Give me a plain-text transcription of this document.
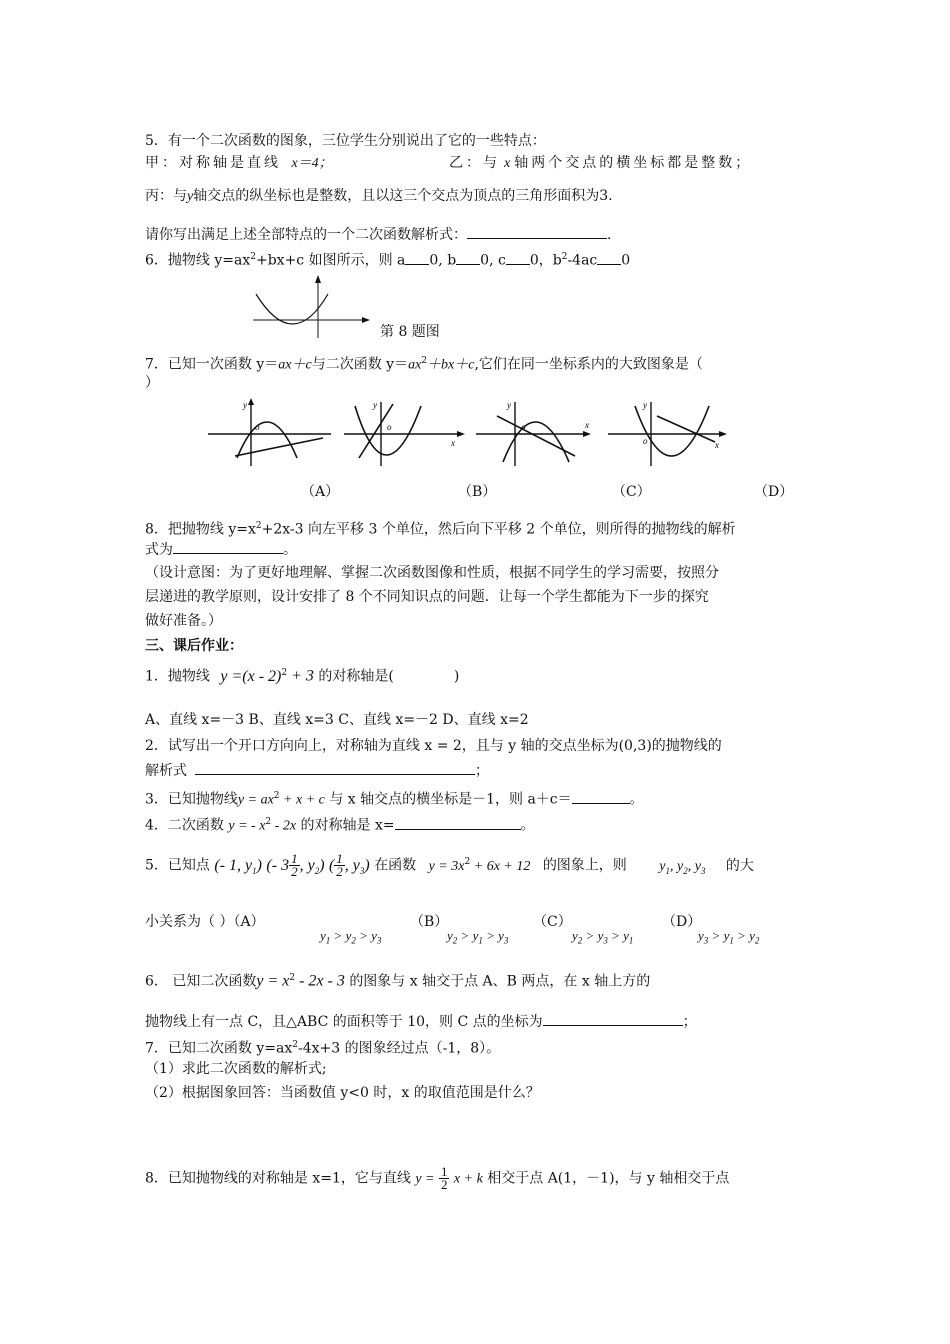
5．有一个二次函数的图象，三位学生分别说出了它的一些特点：
甲：对称轴是直线 x＝4；	乙：与 x 轴两个交点的横坐标都是整数；
丙：与y轴交点的纵坐标也是整数，且以这三个交点为顶点的三角形面积为3.
请你写出满足上述全部特点的一个二次函数解析式：	.
6．抛物线 $y=ax^2+bx+c$ 如图所示，则 a 0, b 0, c 0，$b^2-4ac$ 0
第 8 题图
7．已知一次函数 y＝ax＋c与二次函数 $y=ax^2+bx+c$,它们在同一坐标系内的大致图象是（
）
y
o
x
y
o	x
y
o
x
y
o
（A）	（B）	（C）	（D）
8．把抛物线 $y=x^2+2x-3$ 向左平移 3 个单位，然后向下平移 2 个单位，则所得的抛物线的解析
式为	。
（设计意图：为了更好地理解、掌握二次函数图像和性质，根据不同学生的学习需要，按照分
层递进的教学原则，设计安排了 8 个不同知识点的问题．让每一个学生都能为下一步的探究
做好准备。）
三、课后作业：
1．抛物线 y =(x - 2)$^2$ + 3 的对称轴是(	)
A、直线 x=－3 B、直线 x=3 C、直线 x=－2 D、直线 x=2
2．试写出一个开口方向向上，对称轴为直线 x = 2，且与 y 轴的交点坐标为(0,3)的抛物线的
解析式	；
3．已知抛物线$y = ax^2 + x + c$ 与 x 轴交点的横坐标是－1，则 a＋c＝	。
4．二次函数 y = - $x^2 - 2x$ 的对称轴是 x=	。
5．已知点 (- 1, $y_1$) (- $3 \frac{1}{2}$ , $y_2$) ( $\frac{1}{2}$ , $y_3$) 在函数 $y = 3x^2 + 6x + 12$ 的图象上，则 $y_1$, $y_2$, $y_3$ 的大
小关系为（ ）（A）
$y_1 > y_2 > y_3$
（B）
$y_2 > y_1 > y_3$
（C）
$y_2 > y_3 > y_1$
（D）
$y_3 > y_1 > y_2$
6． 已知二次函数$y = x^2 - 2x - 3$ 的图象与 x 轴交于点 A、B 两点，在 x 轴上方的
抛物线上有一点 C，且△ABC 的面积等于 10，则 C 点的坐标为	；
7．已知二次函数 $y=ax^2-4x+3$ 的图象经过点（-1，8）。
（1）求此二次函数的解析式;
（2）根据图象回答：当函数值 y<0 时，x 的取值范围是什么？
8．已知抛物线的对称轴是 x=1，它与直线 $y = \frac{1}{2}$ x + k 相交于点 A(1，－1)，与 y 轴相交于点
